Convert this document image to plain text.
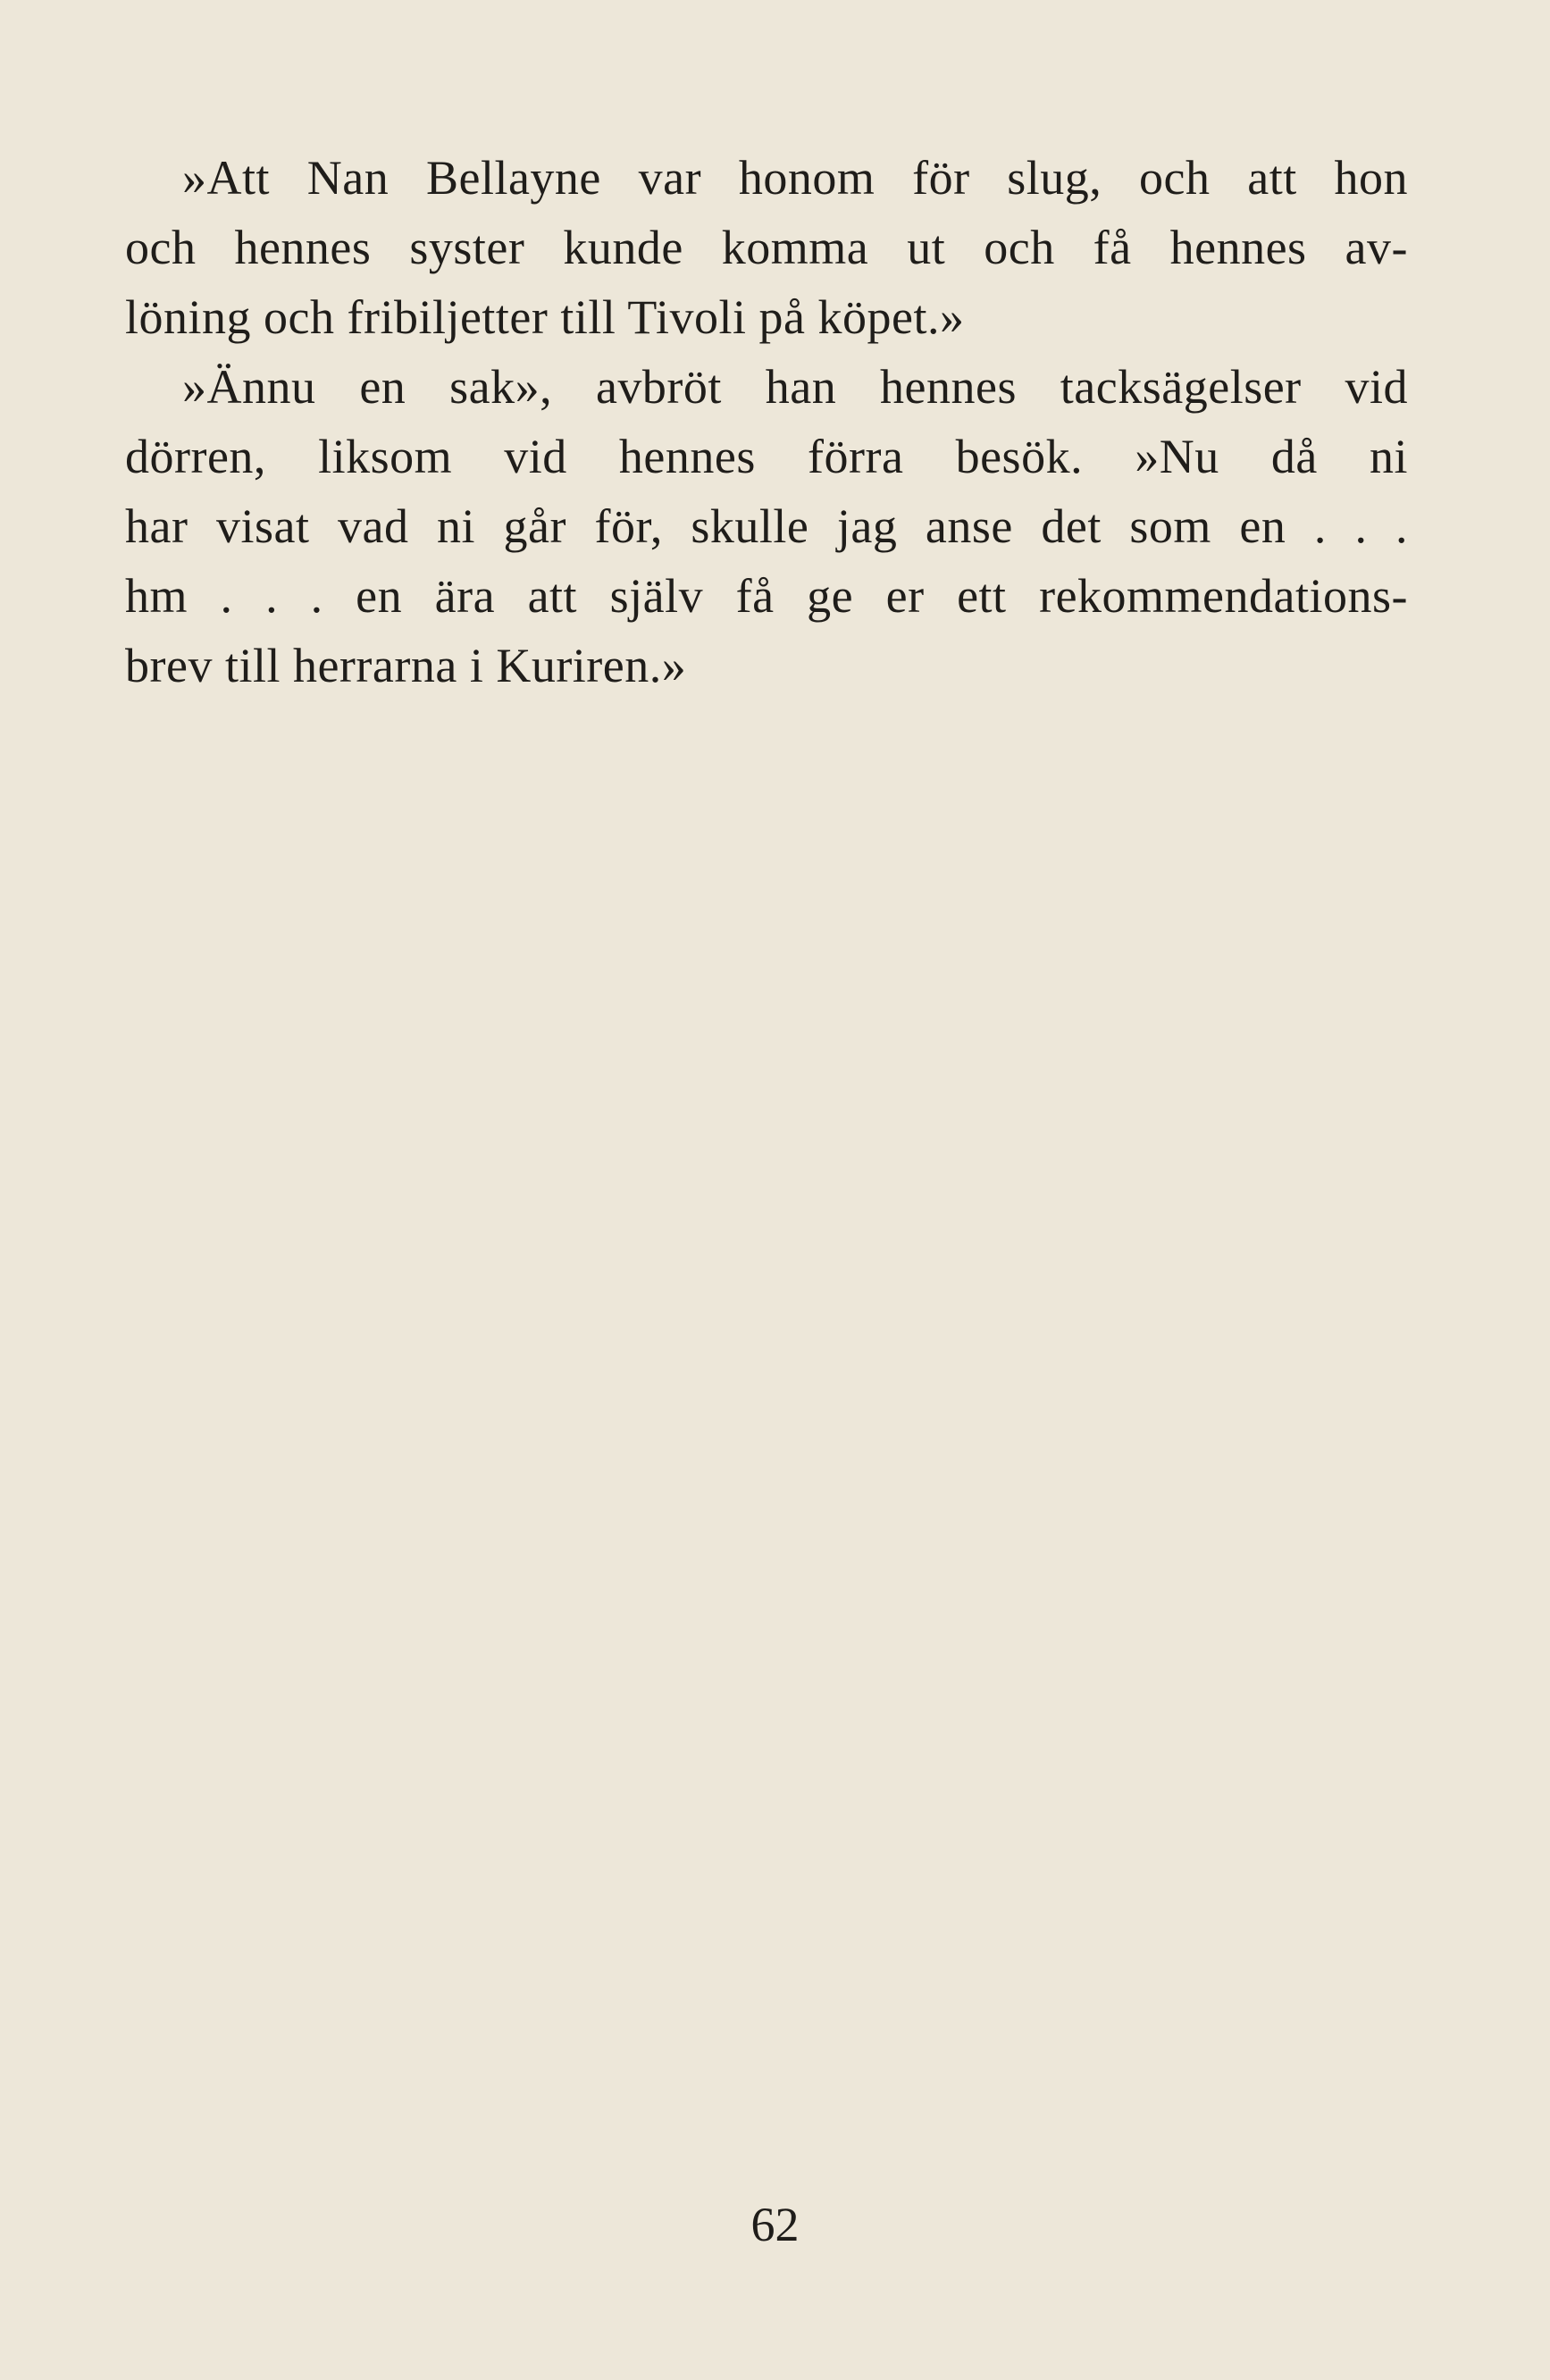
»Att Nan Bellayne var honom för slug, och att hon
och hennes syster kunde komma ut och få hennes av-
löning och fribiljetter till Tivoli på köpet.»
»Ännu en sak», avbröt han hennes tacksägelser vid
dörren, liksom vid hennes förra besök. »Nu då ni
har visat vad ni går för, skulle jag anse det som en . . .
hm . . . en ära att själv få ge er ett rekommendations-
brev till herrarna i Kuriren.»
62
